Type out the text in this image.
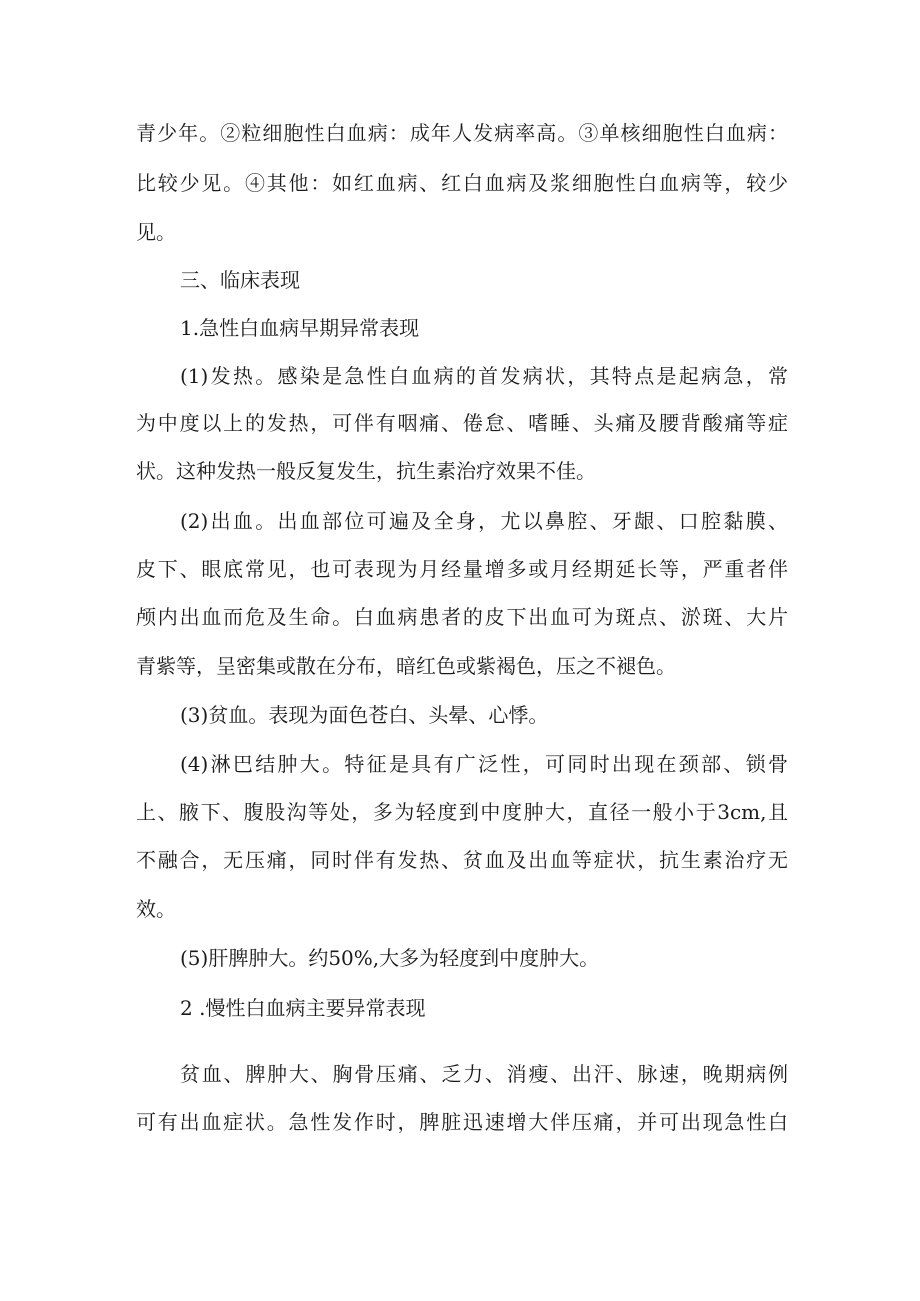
青少年。②粒细胞性白血病：成年人发病率高。③单核细胞性白血病：
比较少见。④其他：如红血病、红白血病及浆细胞性白血病等，较少
见。
三、临床表现
1.急性白血病早期异常表现
(1)发热。感染是急性白血病的首发病状，其特点是起病急，常
为中度以上的发热，可伴有咽痛、倦怠、嗜睡、头痛及腰背酸痛等症
状。这种发热一般反复发生，抗生素治疗效果不佳。
(2)出血。出血部位可遍及全身，尤以鼻腔、牙龈、口腔黏膜、
皮下、眼底常见，也可表现为月经量增多或月经期延长等，严重者伴
颅内出血而危及生命。白血病患者的皮下出血可为斑点、淤斑、大片
青紫等，呈密集或散在分布，暗红色或紫褐色，压之不褪色。
(3)贫血。表现为面色苍白、头晕、心悸。
(4)淋巴结肿大。特征是具有广泛性，可同时出现在颈部、锁骨
上、腋下、腹股沟等处，多为轻度到中度肿大，直径一般小于3cm,且
不融合，无压痛，同时伴有发热、贫血及出血等症状，抗生素治疗无
效。
(5)肝脾肿大。约50%,大多为轻度到中度肿大。
2 .慢性白血病主要异常表现
贫血、脾肿大、胸骨压痛、乏力、消瘦、出汗、脉速，晚期病例
可有出血症状。急性发作时，脾脏迅速增大伴压痛，并可出现急性白
